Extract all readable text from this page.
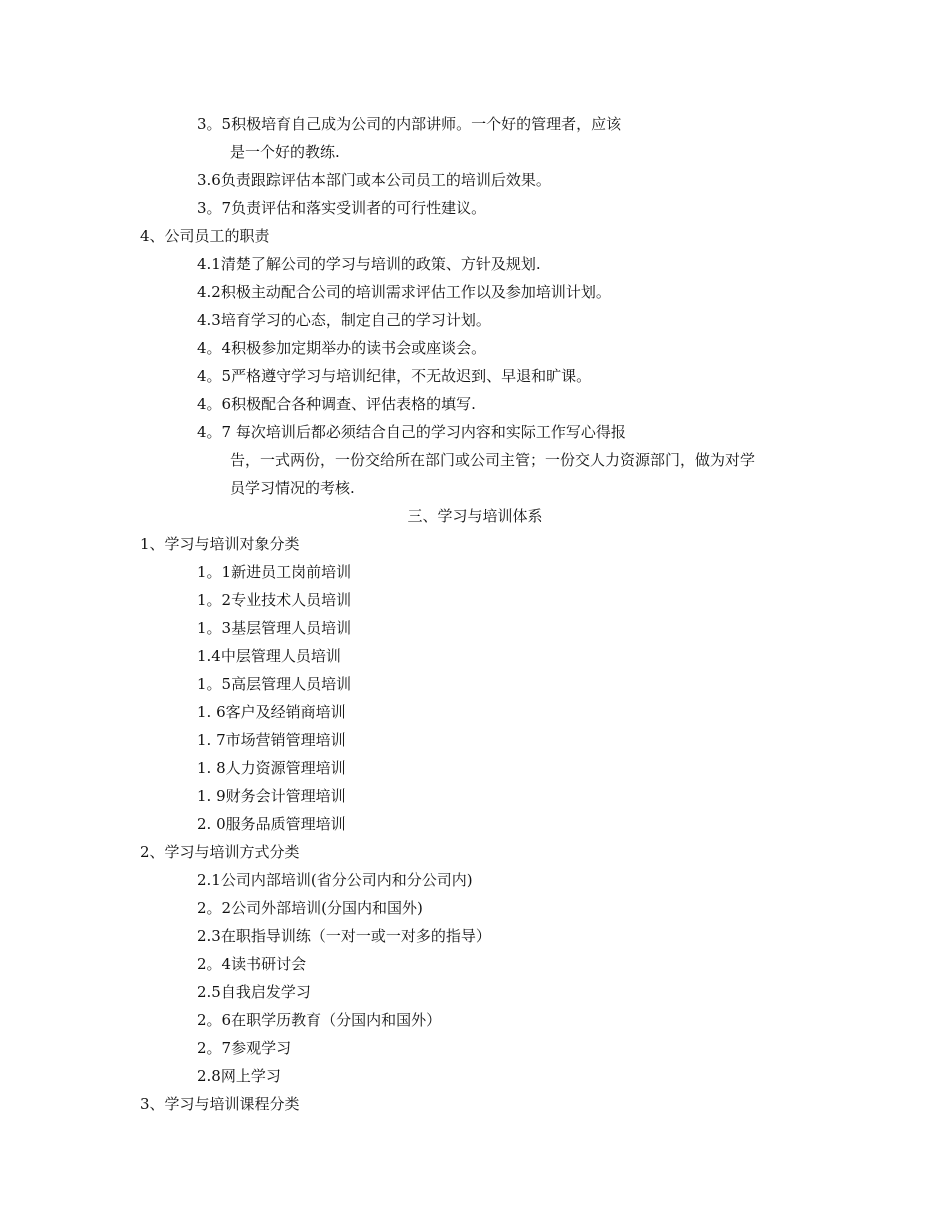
3。5积极培育自己成为公司的内部讲师。一个好的管理者，应该
是一个好的教练.
3.6负责跟踪评估本部门或本公司员工的培训后效果。
3。7负责评估和落实受训者的可行性建议。
4、公司员工的职责
4.1清楚了解公司的学习与培训的政策、方针及规划.
4.2积极主动配合公司的培训需求评估工作以及参加培训计划。
4.3培育学习的心态，制定自己的学习计划。
4。4积极参加定期举办的读书会或座谈会。
4。5严格遵守学习与培训纪律，不无故迟到、早退和旷课。
4。6积极配合各种调查、评估表格的填写.
4。7 每次培训后都必须结合自己的学习内容和实际工作写心得报
告，一式两份，一份交给所在部门或公司主管；一份交人力资源部门，做为对学
员学习情况的考核.
三、学习与培训体系
1、学习与培训对象分类
1。1新进员工岗前培训
1。2专业技术人员培训
1。3基层管理人员培训
1.4中层管理人员培训
1。5高层管理人员培训
1. 6客户及经销商培训
1. 7市场营销管理培训
1. 8人力资源管理培训
1. 9财务会计管理培训
2. 0服务品质管理培训
2、学习与培训方式分类
2.1公司内部培训(省分公司内和分公司内)
2。2公司外部培训(分国内和国外)
2.3在职指导训练（一对一或一对多的指导）
2。4读书研讨会
2.5自我启发学习
2。6在职学历教育（分国内和国外）
2。7参观学习
2.8网上学习
3、学习与培训课程分类
